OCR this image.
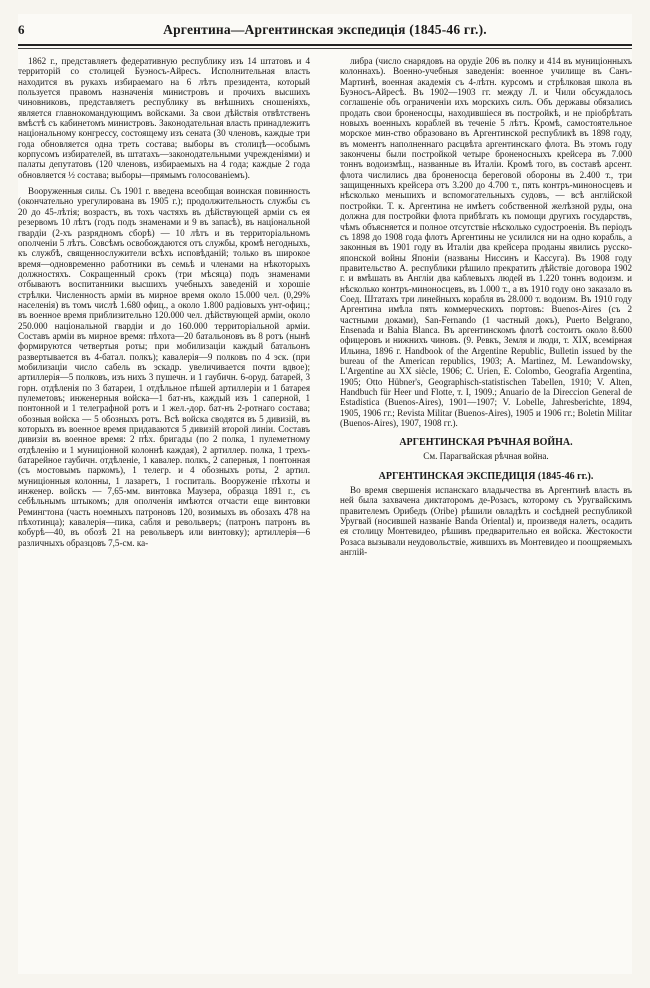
6	Аргентина—Аргентинская экспедиція (1845-46 гг.).

1862 г., представляетъ федеративную республику изъ 14 штатовъ и 4 территорій со столицей Буэносъ-Айресъ. Исполнительная власть находится въ рукахъ избираемаго на 6 лѣтъ президента, который пользуется правомъ назначенія министровъ и прочихъ высшихъ чиновниковъ, представляетъ республику въ внѣшнихъ сношеніяхъ, является главнокомандующимъ войсками. За свои дѣйствія отвѣтственъ вмѣстѣ съ кабинетомъ министровъ. Законодательная власть принадлежитъ національному конгрессу, состоящему изъ сената (30 членовъ, каждые три года обновляется одна треть состава; выборы въ столицѣ—особымъ корпусомъ избирателей, въ штатахъ—законодательными учрежденіями) и палаты депутатовъ (120 членовъ, избираемыхъ на 4 года; каждые 2 года обновляется ½ состава; выборы—прямымъ голосованіемъ).

Вооруженныя силы. Съ 1901 г. введена всеобщая воинская повинность (окончательно урегулирована въ 1905 г.); продолжительность службы съ 20 до 45-лѣтія; возрастъ, въ тохъ частяхъ въ дѣйствующей арміи съ ея резервомъ 10 лѣтъ (годъ подъ знаменами и 9 въ запасѣ), въ національной гвардіи (2-хъ разрядномъ сборѣ) — 10 лѣтъ и въ территоріальномъ ополченіи 5 лѣтъ. Совсѣмъ освобождаются отъ службы, кромѣ негодныхъ, къ службѣ, священнослужители всѣхъ исповѣданій; только въ широкое время—одновременно работники въ семьѣ и членами на нѣкоторыхъ должностяхъ. Сокращенный срокъ (три мѣсяца) подъ знаменами отбываютъ воспитанники высшихъ учебныхъ заведеній и хорошіе стрѣлки. Численность арміи въ мирное время около 15.000 чел. (0,29% населенія) въ томъ числѣ 1.680 офиц., а около 1.800 радіовыхъ унт-офиц.; въ военное время приблизительно 120.000 чел. дѣйствующей арміи, около 250.000 національной гвардіи и до 160.000 территоріальной арміи. Составъ арміи въ мирное время: пѣхота—20 батальоновъ въ 8 ротъ (нынѣ формируются четвертыя роты; при мобилизаціи каждый батальонъ развертывается въ 4-батал. полкъ); кавалерія—9 полковъ по 4 эск. (при мобилизаціи число сабель въ эскадр. увеличивается почти вдвое); артиллерія—5 полковъ, изъ нихъ 3 пушечн. и 1 гаубичн. 6-оруд. батарей, 3 горн. отдѣленія по 3 батареи, 1 отдѣльное пѣшей артиллеріи и 1 батарея пулеметовъ; инженерныя войска—1 бат-нъ, каждый изъ 1 саперной, 1 понтонной и 1 телеграфной ротъ и 1 жел.-дор. бат-нъ 2-ротнаго состава; обозныя войска — 5 обозныхъ ротъ. Всѣ войска сводятся въ 5 дивизій, въ которыхъ въ военное время придаваются 5 дивизій второй линіи. Составъ дивизіи въ военное время: 2 пѣх. бригады (по 2 полка, 1 пулеметному отдѣленію и 1 муниціонной колоннѣ каждая), 2 артиллер. полка, 1 трехъ-батарейное гаубичн. отдѣленіе, 1 кавалер. полкъ, 2 саперныя, 1 понтонная (съ мостовымъ паркомъ), 1 телегр. и 4 обозныхъ роты, 2 артил. муниціонныя колонны, 1 лазаретъ, 1 госпиталь. Вооруженіе пѣхоты и инженер. войскъ — 7,65-мм. винтовка Маузера, образца 1891 г., съ себѣльнымъ штыкомъ; для ополченія имѣются отчасти еще винтовки Ремингтона (часть ноемныхъ патроновъ 120, возимыхъ въ обозахъ 478 на пѣхотинца); кавалерія—пика, сабля и револьверъ; (патронъ патронъ въ кобурѣ—40, въ обозѣ 21 на револьверъ или винтовку); артиллерія—6 различныхъ образцовъ 7,5-см. ка-

либра (число снарядовъ на орудіе 206 въ полку и 414 въ муниціонныхъ колоннахъ). Военно-учебныя заведенія: военное училище въ Санъ-Мартинѣ, военная академія съ 4-лѣтн. курсомъ и стрѣлковая школа въ Буэносъ-Айресѣ. Въ 1902—1903 гг. между Л. и Чили обсуждалось соглашеніе объ ограниченіи ихъ морскихъ силъ. Объ державы обязались продать свои броненосцы, находившіеся въ постройкѣ, и не пріобрѣтать новыхъ военныхъ кораблей въ теченіе 5 лѣтъ. Кромѣ, самостоятельное морское мин-ство образовано въ Аргентинской республикѣ въ 1898 году, въ моментъ наполненнаго расцвѣта аргентинскаго флота. Въ этомъ году закончены были постройкой четыре броненосныхъ крейсера въ 7.000 тоннъ водоизмѣщ., названные въ Италіи. Кромѣ того, въ составѣ арсент. флота числились два броненосца береговой обороны въ 2.400 т., три защищенныхъ крейсера отъ 3.200 до 4.700 т., пять контръ-миноносцевъ и нѣсколько меньшихъ и вспомогательныхъ судовъ, — всѣ англійской постройки. Т. к. Аргентина не имѣетъ собственной желѣзной руды, она должна для постройки флота прибѣгать къ помощи другихъ государствъ, чѣмъ объясняется и полное отсутствіе нѣсколько судостроенія. Въ періодъ съ 1898 до 1908 года флотъ Аргентины не усилился ни на одно корабль, а законныя въ 1901 году въ Италіи два крейсера проданы явились русско-японской войны Японіи (названы Ниссинъ и Кассуга). Въ 1908 году правительство А. республики рѣшило прекратить дѣйствіе договора 1902 г. и вмѣшать въ Англіи два каблевыхъ людей въ 1.220 тоннъ водоизм. и нѣсколько контръ-миноносцевъ, въ 1.000 т., а въ 1910 году оно заказало въ Соед. Штатахъ три линейныхъ корабля въ 28.000 т. водоизм. Въ 1910 году Аргентина имѣла пять коммерческихъ портовъ: Buenos-Aires (съ 2 частными доками), San-Fernando (1 частный докъ), Puerto Belgrano, Ensenada и Bahia Blanca. Въ аргентинскомъ флотѣ состоитъ около 8.600 офицеровъ и нижнихъ чиновъ. (9. Ревкъ, Земля и люди, т. XIX, всемірная Ильина, 1896 г. Handbook of the Argentine Republic, Bulletin issued by the bureau of the American republics, 1903; A. Martinez, M. Lewandowsky, L'Argentine au XX siècle, 1906; C. Urien, E. Colombo, Geografia Argentina, 1905; Otto Hübner's, Geographisch-statistischen Tabellen, 1910; V. Alten, Handbuch für Heer und Flotte, т. I, 1909.; Anuario de la Direccion General de Estadistica (Buenos-Aires), 1901—1907; V. Lobelle, Jahresberichte, 1894, 1905, 1906 гг.; Revista Militar (Buenos-Aires), 1905 и 1906 гг.; Boletin Militar (Buenos-Aires), 1907, 1908 гг.).

АРГЕНТИНСКАЯ РѢЧНАЯ ВОЙНА.

См. Парагвайская рѣчная война.

АРГЕНТИНСКАЯ ЭКСПЕДИЦІЯ (1845-46 гг.).

Во время свершенія испанскаго владычества въ Аргентинѣ власть въ ней была захвачена диктаторомъ де-Розасъ, которому съ Уругвайскимъ правителемъ Орибедъ (Oribe) рѣшили овладѣть и сосѣдней республикой Уругвай (носившей названіе Banda Oriental) и, произведя налетъ, осадить ея столицу Монтевидео, рѣшивъ предварительно ея войска. Жестокости Розаса вызывали неудовольствіе, жившихъ въ Монтевидео и поощряемыхъ англій-
